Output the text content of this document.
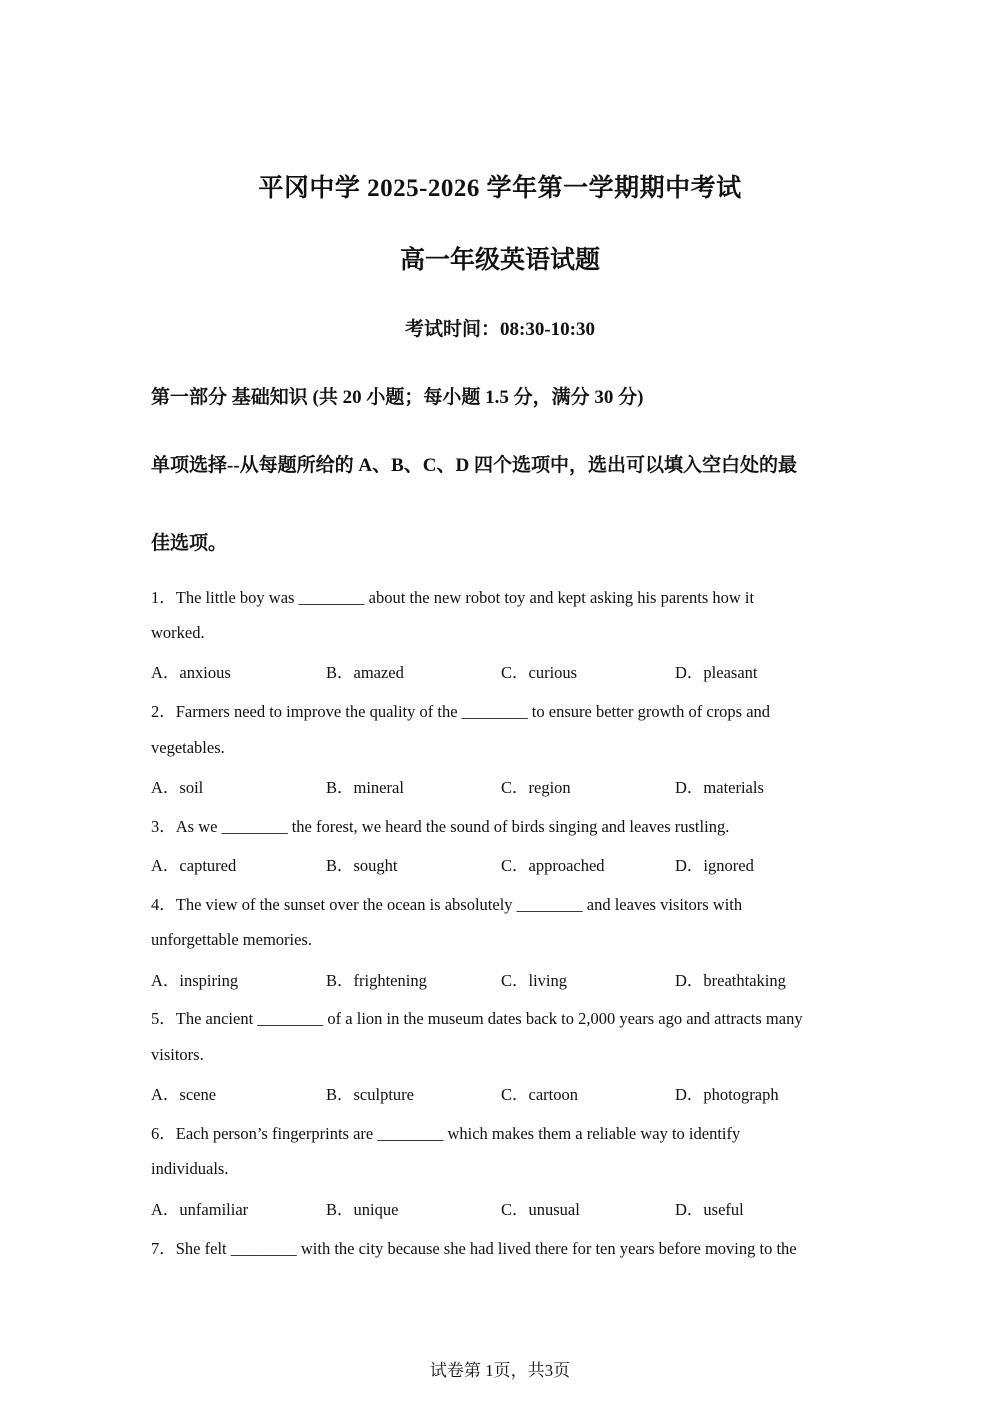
平冈中学 2025-2026 学年第一学期期中考试
高一年级英语试题
考试时间：08:30-10:30
第一部分 基础知识 (共 20 小题；每小题 1.5 分，满分 30 分)
单项选择--从每题所给的 A、B、C、D 四个选项中，选出可以填入空白处的最
佳选项。
1．The little boy was ________ about the new robot toy and kept asking his parents how it
worked.
A．anxious	B．amazed	C．curious	D．pleasant
2．Farmers need to improve the quality of the ________ to ensure better growth of crops and
vegetables.
A．soil	B．mineral	C．region	D．materials
3．As we ________ the forest, we heard the sound of birds singing and leaves rustling.
A．captured	B．sought	C．approached	D．ignored
4．The view of the sunset over the ocean is absolutely ________ and leaves visitors with
unforgettable memories.
A．inspiring	B．frightening	C．living	D．breathtaking
5．The ancient ________ of a lion in the museum dates back to 2,000 years ago and attracts many
visitors.
A．scene	B．sculpture	C．cartoon	D．photograph
6．Each person’s fingerprints are ________ which makes them a reliable way to identify
individuals.
A．unfamiliar	B．unique	C．unusual	D．useful
7．She felt ________ with the city because she had lived there for ten years before moving to the
试卷第 1页，共3页
